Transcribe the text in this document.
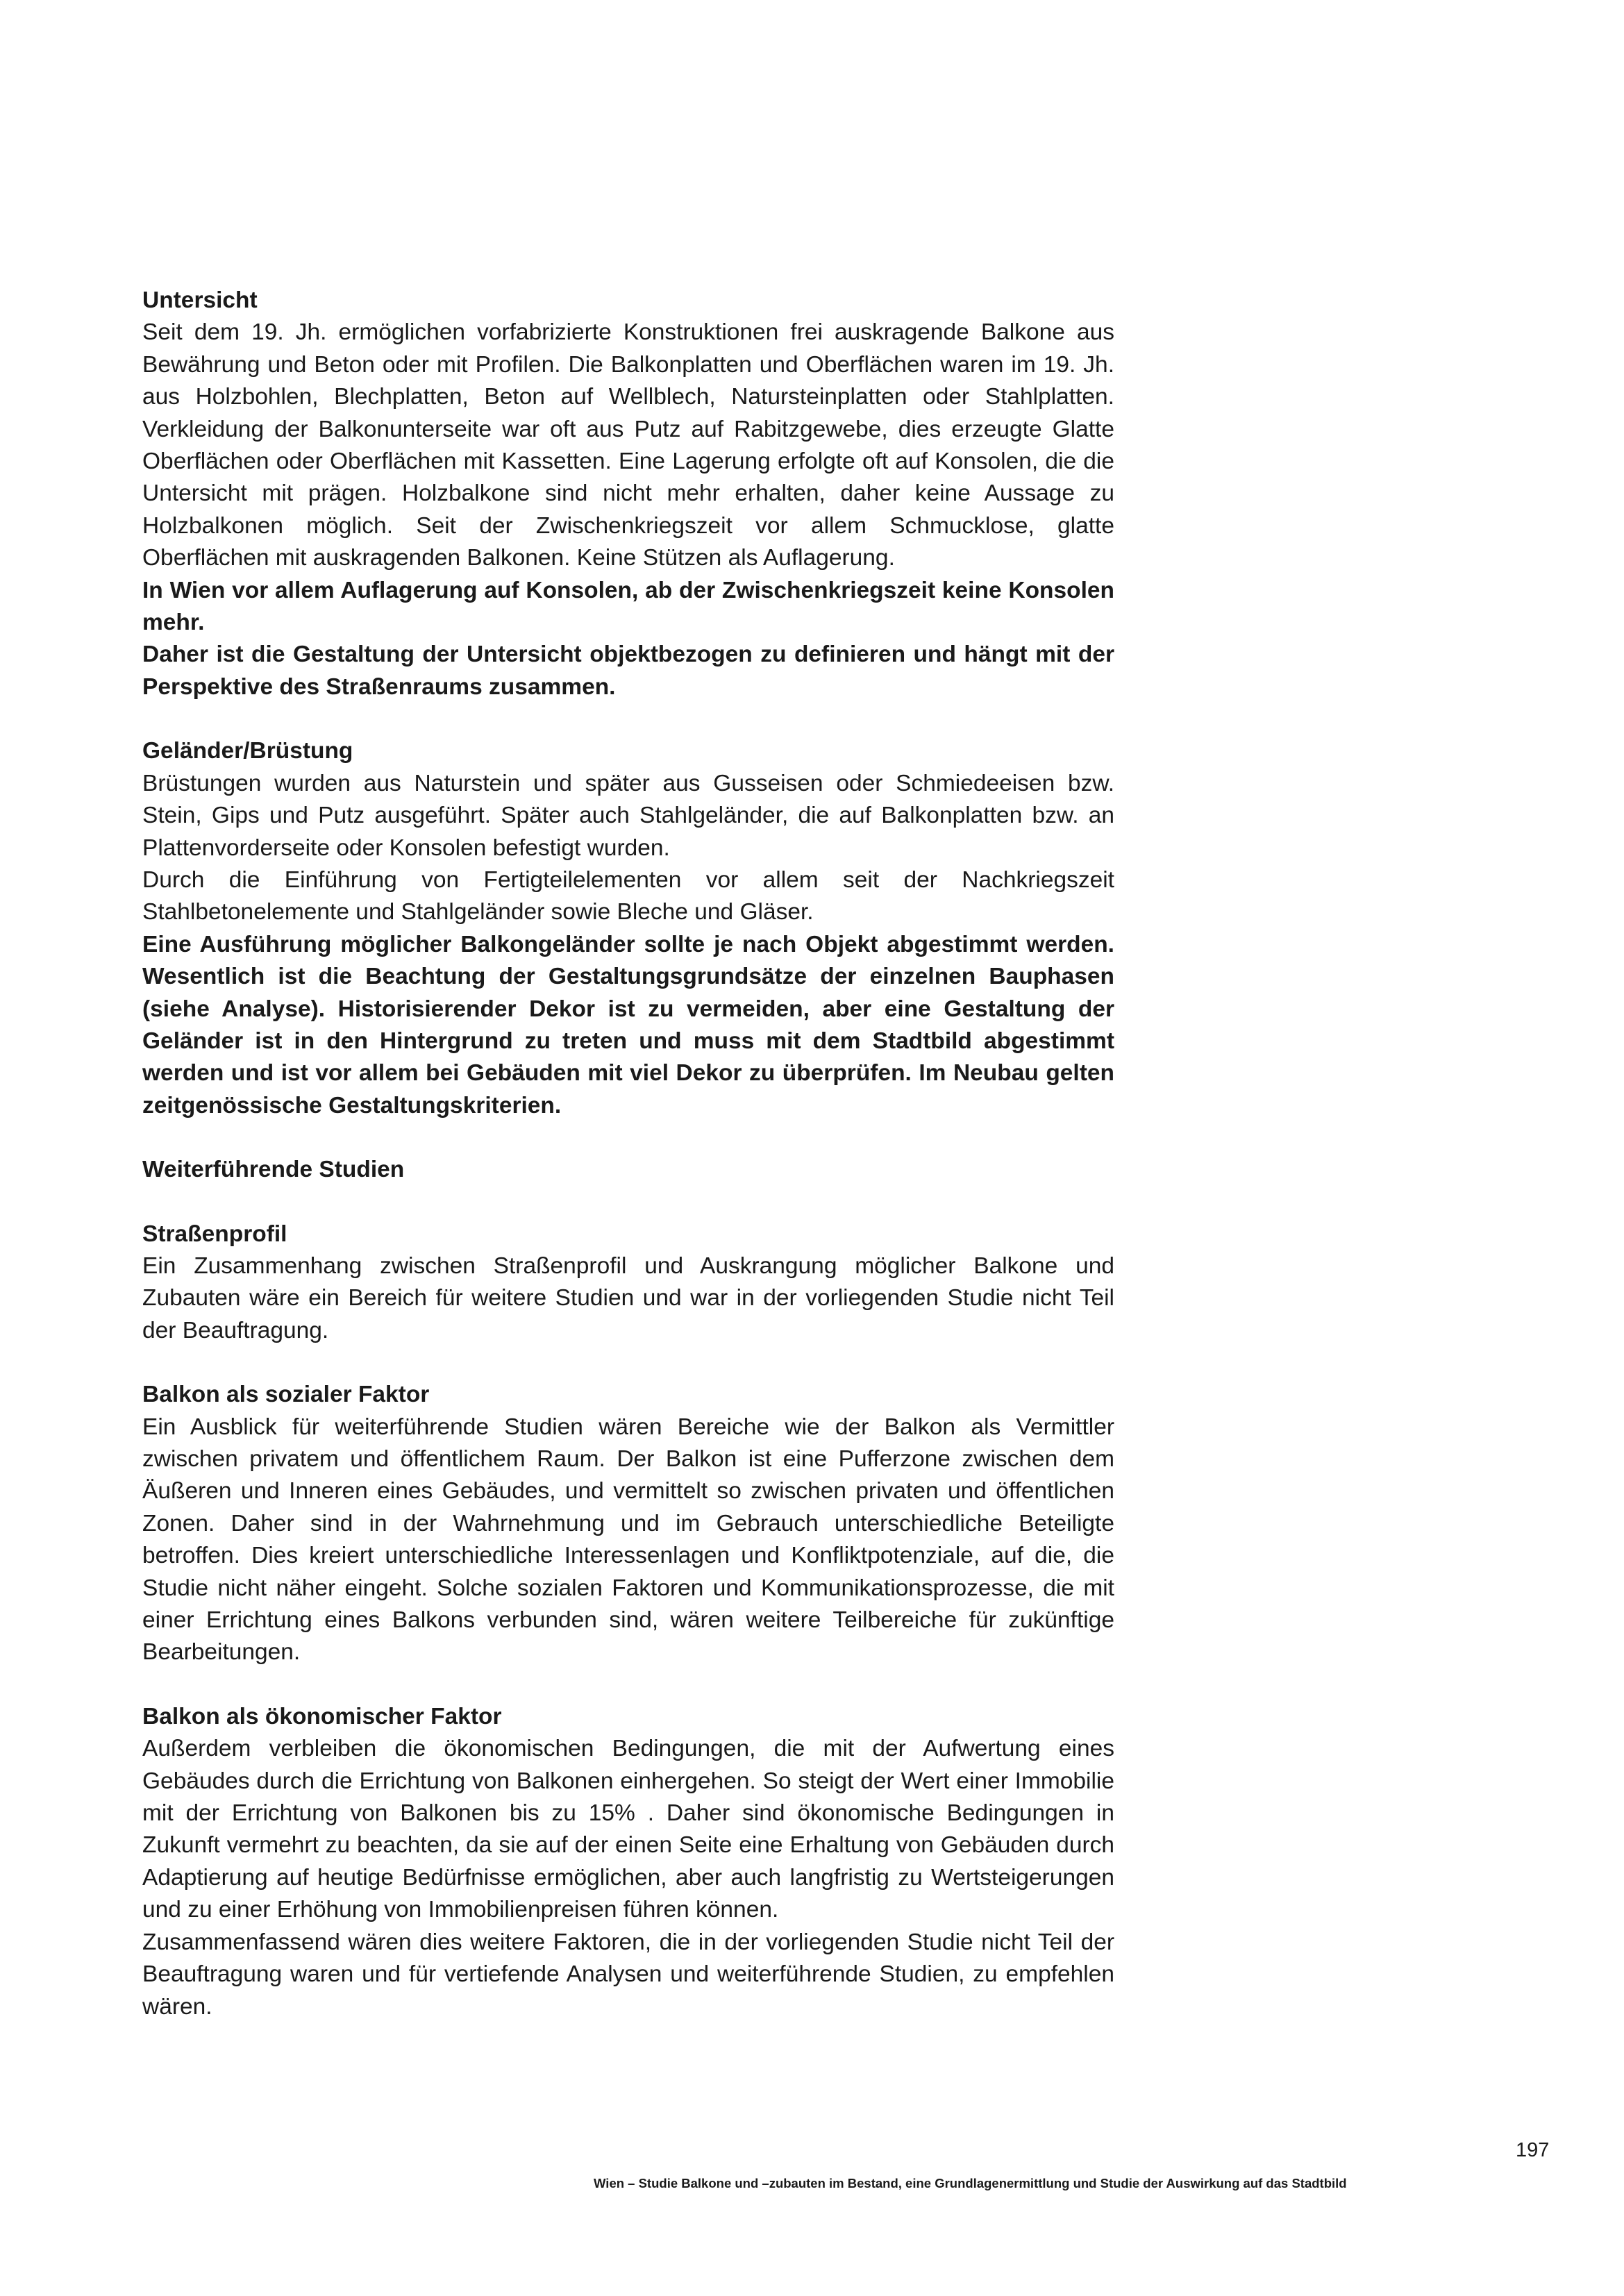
Untersicht

Seit dem 19. Jh. ermöglichen vorfabrizierte Konstruktionen frei auskragende Balkone aus Bewährung und Beton oder mit Profilen. Die Balkonplatten und Oberflächen waren im 19. Jh. aus Holzbohlen, Blechplatten, Beton auf Wellblech, Natursteinplatten oder Stahlplatten. Verkleidung der Balkonunterseite war oft aus Putz auf Rabitzgewebe, dies erzeugte Glatte Oberflächen oder Oberflächen mit Kassetten. Eine Lagerung erfolgte oft auf Konsolen, die die Untersicht mit prägen. Holzbalkone sind nicht mehr erhalten, daher keine Aussage zu Holzbalkonen möglich. Seit der Zwischenkriegszeit vor allem Schmucklose, glatte Oberflächen mit auskragenden Balkonen. Keine Stützen als Auflagerung.

In Wien vor allem Auflagerung auf Konsolen, ab der Zwischenkriegszeit keine Konsolen mehr.

Daher ist die Gestaltung der Untersicht objektbezogen zu definieren und hängt mit der Perspektive des Straßenraums zusammen.

Geländer/Brüstung

Brüstungen wurden aus Naturstein und später aus Gusseisen oder Schmiedeeisen bzw. Stein, Gips und Putz ausgeführt. Später auch Stahlgeländer, die auf Balkonplatten bzw. an Plattenvorderseite oder Konsolen befestigt wurden.

Durch die Einführung von Fertigteilelementen vor allem seit der Nachkriegszeit Stahlbetonelemente und Stahlgeländer sowie Bleche und Gläser.

Eine Ausführung möglicher Balkongeländer sollte je nach Objekt abgestimmt werden. Wesentlich ist die Beachtung der Gestaltungsgrundsätze der einzelnen Bauphasen (siehe Analyse). Historisierender Dekor ist zu vermeiden, aber eine Gestaltung der Geländer ist in den Hintergrund zu treten und muss mit dem Stadtbild abgestimmt werden und ist vor allem bei Gebäuden mit viel Dekor zu überprüfen. Im Neubau gelten zeitgenössische Gestaltungskriterien.

Weiterführende Studien

Straßenprofil

Ein Zusammenhang zwischen Straßenprofil und Auskrangung möglicher Balkone und Zubauten wäre ein Bereich für weitere Studien und war in der vorliegenden Studie nicht Teil der Beauftragung.

Balkon als sozialer Faktor

Ein Ausblick für weiterführende Studien wären Bereiche wie der Balkon als Vermittler zwischen privatem und öffentlichem Raum. Der Balkon ist eine Pufferzone zwischen dem Äußeren und Inneren eines Gebäudes, und vermittelt so zwischen privaten und öffentlichen Zonen. Daher sind in der Wahrnehmung und im Gebrauch unterschiedliche Beteiligte betroffen. Dies kreiert unterschiedliche Interessenlagen und Konfliktpotenziale, auf die, die Studie nicht näher eingeht. Solche sozialen Faktoren und Kommunikationsprozesse, die mit einer Errichtung eines Balkons verbunden sind, wären weitere Teilbereiche für zukünftige Bearbeitungen.

Balkon als ökonomischer Faktor

Außerdem verbleiben die ökonomischen Bedingungen, die mit der Aufwertung eines Gebäudes durch die Errichtung von Balkonen einhergehen. So steigt der Wert einer Immobilie mit der Errichtung von Balkonen bis zu 15% . Daher sind ökonomische Bedingungen in Zukunft vermehrt zu beachten, da sie auf der einen Seite eine Erhaltung von Gebäuden durch Adaptierung auf heutige Bedürfnisse ermöglichen, aber auch langfristig zu Wertsteigerungen und zu einer Erhöhung von Immobilienpreisen führen können.

Zusammenfassend wären dies weitere Faktoren, die in der vorliegenden Studie nicht Teil der Beauftragung waren und für vertiefende Analysen und weiterführende Studien, zu empfehlen wären.

197
Wien – Studie Balkone und –zubauten im Bestand, eine Grundlagenermittlung und Studie der Auswirkung auf das Stadtbild
